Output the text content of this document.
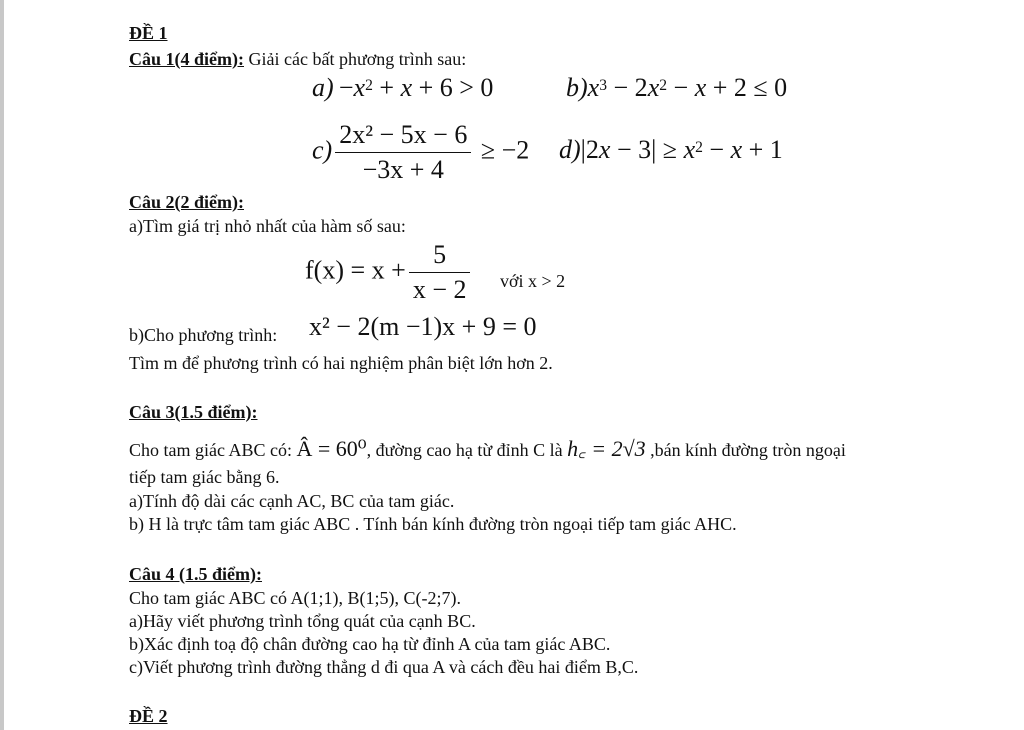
ĐỀ 1
Câu 1(4 điểm): Giải các bất phương trình sau:
$a) -x^2 + x + 6 > 0$	$b)x^3 - 2x^2 - x + 2 \le 0$
$c) \frac{\text{2x² − 5x − 6}}{-3x + 4} \ge -2$ $d)|2x - 3| \ge x^2 - x + 1$
Câu 2(2 điểm):
a)Tìm giá trị nhỏ nhất của hàm số sau:
$f(x) = x + \frac{5}{x - 2}$ với x > 2
b)Cho phương trình: x² − 2(m −1)x + 9 = 0
Tìm m để phương trình có hai nghiệm phân biệt lớn hơn 2.
Câu 3(1.5 điểm):
Cho tam giác ABC có: Â = 60⁰, đường cao hạ từ đỉnh C là h꜀ = 2√3 ,bán kính đường tròn ngoại
tiếp tam giác bằng 6.
a)Tính độ dài các cạnh AC, BC của tam giác.
b) H là trực tâm tam giác ABC . Tính bán kính đường tròn ngoại tiếp tam giác AHC.
Câu 4 (1.5 điểm):
Cho tam giác ABC có A(1;1), B(1;5), C(-2;7).
a)Hãy viết phương trình tổng quát của cạnh BC.
b)Xác định toạ độ chân đường cao hạ từ đỉnh A của tam giác ABC.
c)Viết phương trình đường thẳng d đi qua A và cách đều hai điểm B,C.
ĐỀ 2
